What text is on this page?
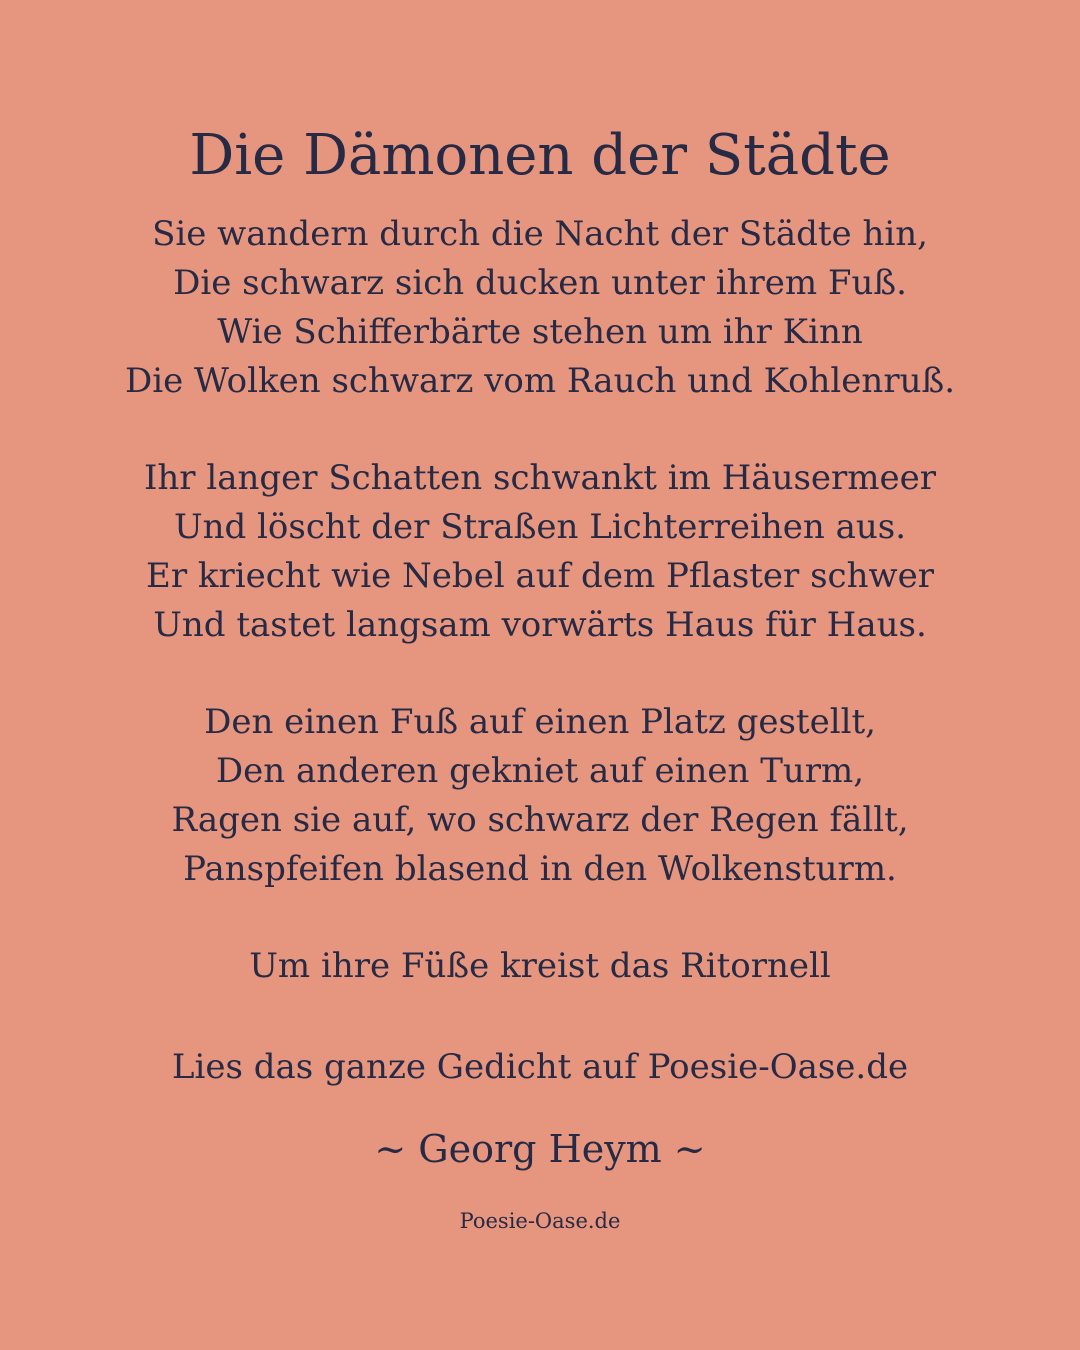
Die Dämonen der Städte
Sie wandern durch die Nacht der Städte hin,
Die schwarz sich ducken unter ihrem Fuß.
Wie Schifferbärte stehen um ihr Kinn
Die Wolken schwarz vom Rauch und Kohlenruß.
Ihr langer Schatten schwankt im Häusermeer
Und löscht der Straßen Lichterreihen aus.
Er kriecht wie Nebel auf dem Pflaster schwer
Und tastet langsam vorwärts Haus für Haus.
Den einen Fuß auf einen Platz gestellt,
Den anderen gekniet auf einen Turm,
Ragen sie auf, wo schwarz der Regen fällt,
Panspfeifen blasend in den Wolkensturm.
Um ihre Füße kreist das Ritornell
Lies das ganze Gedicht auf Poesie-Oase.de
~ Georg Heym ~
Poesie-Oase.de
